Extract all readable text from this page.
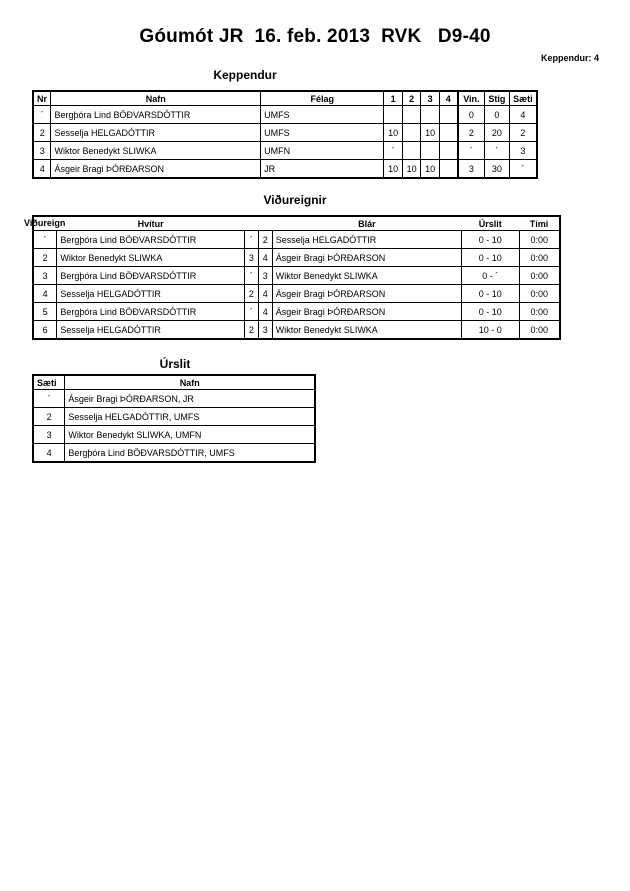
Góumót JR  16. feb. 2013  RVK   D9-40
Keppendur: 4
Keppendur
Nr	Nafn	Félag	1	2	3	4	Vin.	Stig	Sæti
´	Bergþóra Lind BÖÐVARSDÓTTIR	UMFS					0	0	4
2	Sesselja HELGADÓTTIR	UMFS	10		10		2	20	2
3	Wiktor Benedykt SLIWKA	UMFN	´				´	´	3
4	Ásgeir Bragi ÞÓRÐARSON	JR	10	10	10		3	30	´
Viðureignir
Viðureign	Hvítur			Blár	Úrslit	Tími
´	Bergþóra Lind BÖÐVARSDÓTTIR	´	2	Sesselja HELGADÓTTIR	0 - 10	0:00
2	Wiktor Benedykt SLIWKA	3	4	Ásgeir Bragi ÞÓRÐARSON	0 - 10	0:00
3	Bergþóra Lind BÖÐVARSDÓTTIR	´	3	Wiktor Benedykt SLIWKA	0 - ´	0:00
4	Sesselja HELGADÓTTIR	2	4	Ásgeir Bragi ÞÓRÐARSON	0 - 10	0:00
5	Bergþóra Lind BÖÐVARSDÓTTIR	´	4	Ásgeir Bragi ÞÓRÐARSON	0 - 10	0:00
6	Sesselja HELGADÓTTIR	2	3	Wiktor Benedykt SLIWKA	10 - 0	0:00
Úrslit
Sæti	Nafn
´	Ásgeir Bragi ÞÓRÐARSON, JR
2	Sesselja HELGADÓTTIR, UMFS
3	Wiktor Benedykt SLIWKA, UMFN
4	Bergþóra Lind BÖÐVARSDÓTTIR, UMFS
